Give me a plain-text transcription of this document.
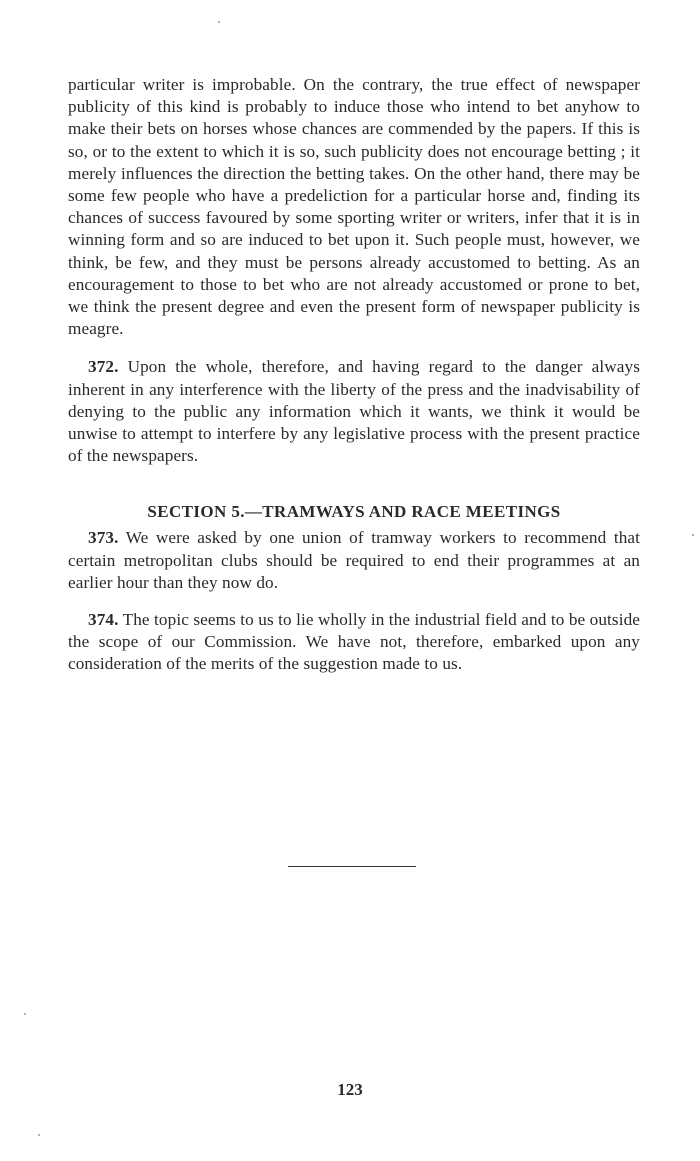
particular writer is improbable. On the contrary, the true effect of newspaper publicity of this kind is probably to induce those who intend to bet anyhow to make their bets on horses whose chances are commended by the papers. If this is so, or to the extent to which it is so, such publicity does not encourage betting ; it merely influences the direction the betting takes. On the other hand, there may be some few people who have a predeliction for a particular horse and, finding its chances of success favoured by some sporting writer or writers, infer that it is in winning form and so are induced to bet upon it. Such people must, however, we think, be few, and they must be persons already accustomed to betting. As an encouragement to those to bet who are not already accustomed or prone to bet, we think the present degree and even the present form of newspaper publicity is meagre.

372. Upon the whole, therefore, and having regard to the danger always inherent in any interference with the liberty of the press and the inadvisability of denying to the public any information which it wants, we think it would be unwise to attempt to interfere by any legislative process with the present practice of the newspapers.

SECTION 5.—TRAMWAYS AND RACE MEETINGS

373. We were asked by one union of tramway workers to recommend that certain metropolitan clubs should be required to end their programmes at an earlier hour than they now do.

374. The topic seems to us to lie wholly in the industrial field and to be outside the scope of our Commission. We have not, therefore, embarked upon any consideration of the merits of the suggestion made to us.

123
